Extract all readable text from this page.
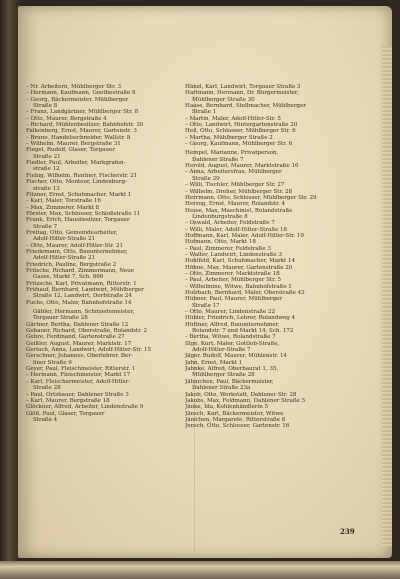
– Nr. Arbeitern, Mühlberger Str. 3
– Hermann, Kaufmann, Goethestraße 8
– Georg, Bäckermeister, Mühlberger
Straße 8
– Franz, Landgärtner, Mühlberger Str. 8
– Otto, Maurer, Bergstraße 4
– Richard, Mühlenbesitzer, Bahnhofstr. 30
Falkenberg, Ernst, Maurer, Gartenstr. 3
– Bruno, Handelsschneider, Wallstr. 8
– Wilhelm, Maurer, Bergstraße 31
Fiegel, Rudolf, Glaser, Torgauer
Straße 21
Fiedler, Paul, Arbeiter, Markgrafen-
straße 12
Fiebig, Wilhelm, Rentner, Fischerstr. 21
Fischer, Otto, Monteur, Lindenburg-
straße 13
Fitzner, Ernst, Schuhmacher, Markt 1
– Karl, Maler, Torstraße 16
– Max, Zimmerer, Markt 8
Förster, Max, Schlosser, Schloßstraße 11
Frank, Erich, Hausbesitzer, Torgauer
Straße 7
Freitag, Otto, Gemeindearbeiter,
Adolf-Hitler-Straße 21
– Otto, Maurer, Adolf-Hitler-Str. 21
Friedemann, Otto, Bauunternehmer,
Adolf-Hitler-Straße 21
Friedrich, Pauline, Bergstraße 2
Fritsche, Richard, Zimmermann, Neue
Gasse, Markt 7, Sch. 866
Fritzsche, Karl, Privatmann, Ritterstr. 1
Frühauf, Bernhard, Landwirt, Mühlberger
Straße 12, Landwirt, Dorfstraße 24
Fuchs, Otto, Maler, Bahnhofstraße 14
Gäbler, Hermann, Schmiedemeister,
Torgauer Straße 28
Gärtner, Bertha, Dahlener Straße 12
Gebauer, Richard, Oberstraße, Rolandstr. 2
Gehre, Ferdinand, Gartenstraße 27
Geißler, August, Maurer, Marktstr. 17
Gerlach, Anna, Landwirt, Adolf-Hitler-Str. 15
Gerschner, Johannes, Oberlehrer, Ber-
liner Straße 9
Geyer, Paul, Fleischmeister, Ritterstr. 1
– Hermann, Fleischmeister, Markt 17
– Karl, Fleischermeister, Adolf-Hitler-
Straße 28
– Paul, Ortsbauer, Dahlener Straße 3
– Karl, Maurer, Bergstraße 18
Glöckner, Alfred, Arbeiter, Lindenstraße 9
Glöß, Paul, Glaser, Torgauer
Straße 4
Hänel, Karl, Landwirt, Torgauer Straße 3
Hartmann, Hermann, Dr. Bürgermeister,
Mühlberger Straße 30
Haase, Bernhard, Stellmacher, Mühlberger
Straße 1
– Martin, Maler, Adolf-Hitler-Str. 5
– Otto, Landwirt, Hintergartenstraße 20
Heil, Otto, Schlosser, Mühlberger Str. 6
– Martha, Mühlberger Straße 2
– Georg, Kaufmann, Mühlberger Str. 6
Hempel, Marianne, Privatperson,
Dahlener Straße 7
Herold, August, Maurer, Marktstraße 16
– Anna, Arbeitersfrau, Mühlberger
Straße 29
– Willi, Tischler, Mühlberger Str. 27
– Wilhelm, Dreher, Mühlberger Str. 28
Herrmann, Otto, Schlosser, Mühlberger Str. 29
Herzog, Ernst, Maurer, Rolandstr. 4
Hesse, Max, Maschinist, Rolandstraße
Lindenburgstraße 8
– Oswald, Arbeiter, Feldstraße 7
– Willi, Maler, Adolf-Hitler-Straße 18
Hoffmann, Karl, Maler, Adolf-Hitler-Str. 19
Hofmann, Otto, Markt 18
– Paul, Zimmerer, Feldstraße 3
– Walter, Landwirt, Lindenstraße 3
Hohlfeld, Karl, Schuhmacher, Markt 14
Höhne, Max, Maurer, Gartenstraße 20
– Otto, Zimmerer, Marktstraße 18
– Paul, Arbeiter, Mühlberger Str. 5
– Wilhelmine, Witwe, Bahnhofstraße 1
Holzbach, Bernhard, Maler, Oberstraße 43
Hübner, Paul, Maurer, Mühlberger
Straße 17
– Otto, Maurer, Lindenstraße 22
Hübler, Friedrich, Lehrer, Rolandweg 4
Hüttner, Alfred, Bauunternehmer,
Rolandstr. 7 und Markt 14, Sch. 172
– Bertha, Witwe, Rolandstraße 7
Illge, Kurt, Maler, Gottlob-Straße,
Adolf-Hitler-Straße 7
Jäger, Rudolf, Maurer, Mühlenstr. 14
Jahn, Ernst, Markt 1
Jahnke, Alfred, Oberbaurat 1, 35,
Mühlberger Straße 28
Jähnichen, Paul, Bäckermeister,
Dahlener Straße 23a
Jakob, Otto, Werkstatt, Dahlener Str. 28
Jakobs, Max, Feldmann, Dahlener Straße 5
Jänke, Ida, Kohlenhändlerin 5
Jänsch, Karl, Bäckermeister, Witwe
Jänichen, Margarete, Ritterstraße 8
Jensch, Otto, Schlosser, Gartenstr. 16
239
